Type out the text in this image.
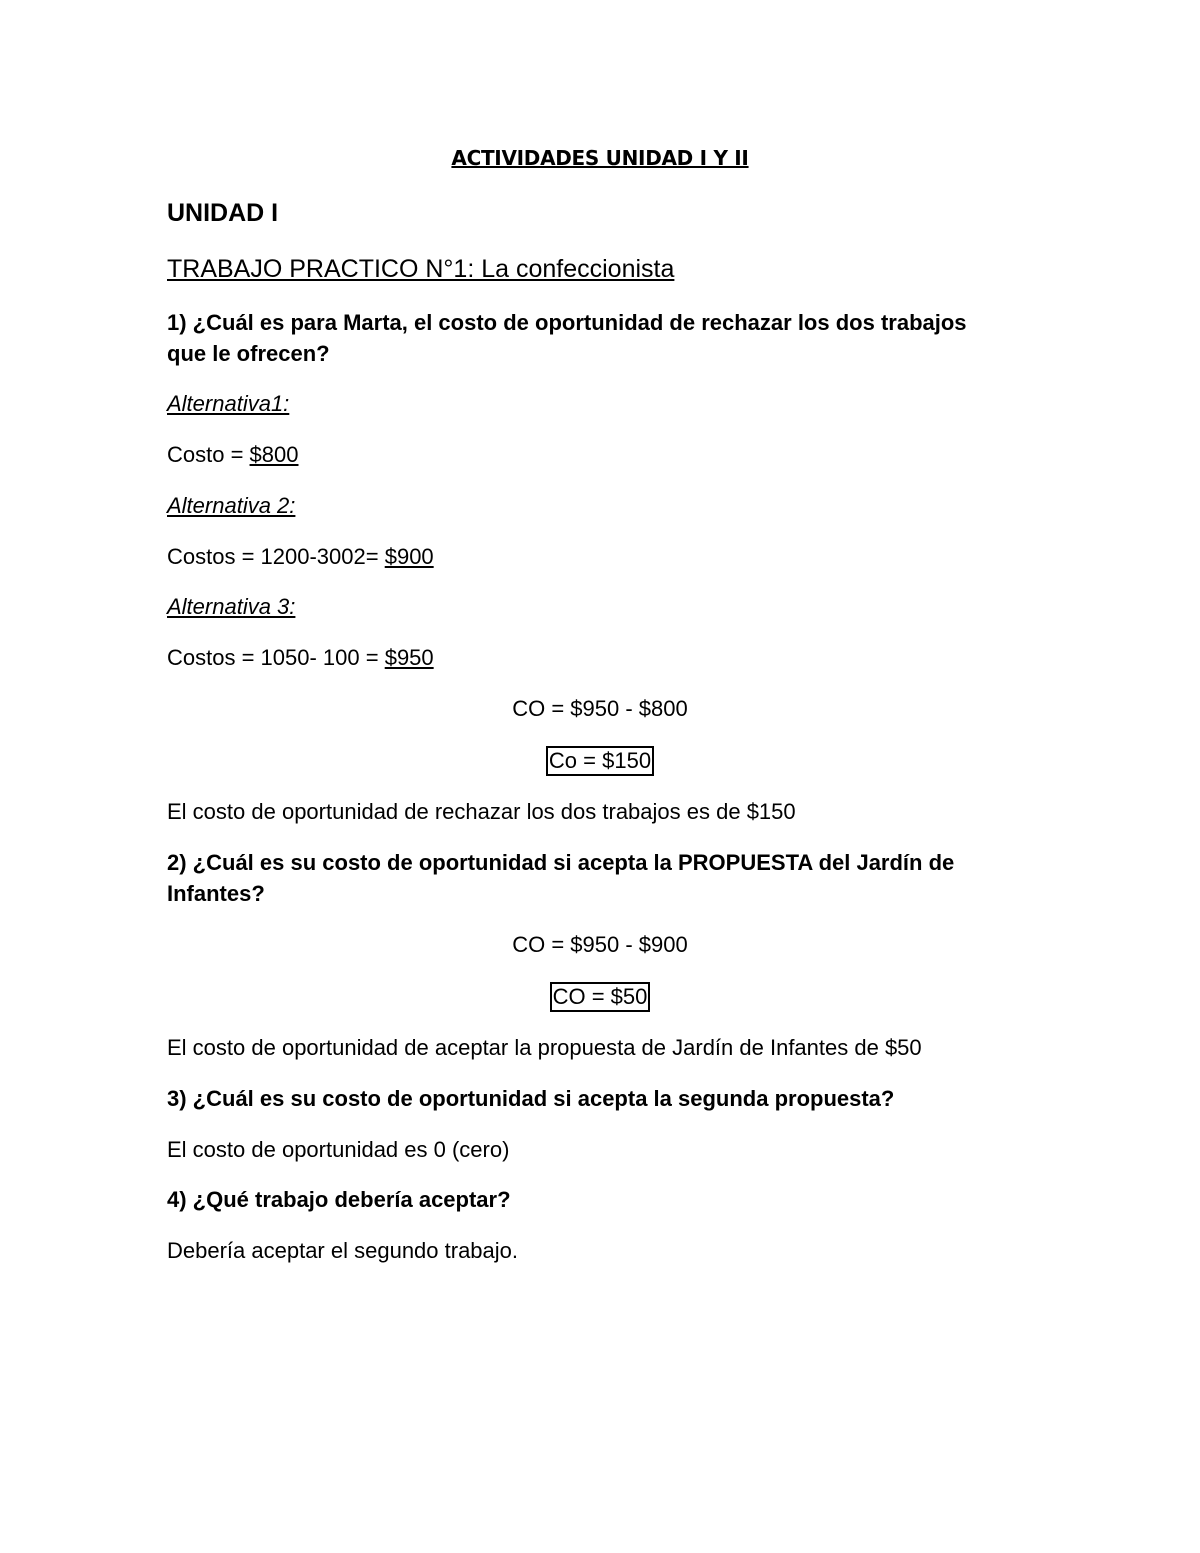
ACTIVIDADES UNIDAD I Y II
UNIDAD I
TRABAJO PRACTICO N°1: La confeccionista
1) ¿Cuál es para Marta, el costo de oportunidad de rechazar los dos trabajos
que le ofrecen?
Alternativa1:
Costo = $800
Alternativa 2:
Costos = 1200-3002= $900
Alternativa 3:
Costos = 1050- 100 = $950
CO = $950 - $800
Co = $150
El costo de oportunidad de rechazar los dos trabajos es de $150
2) ¿Cuál es su costo de oportunidad si acepta la PROPUESTA del Jardín de
Infantes?
CO = $950 - $900
CO = $50
El costo de oportunidad de aceptar la propuesta de Jardín de Infantes de $50
3) ¿Cuál es su costo de oportunidad si acepta la segunda propuesta?
El costo de oportunidad es 0 (cero)
4) ¿Qué trabajo debería aceptar?
Debería aceptar el segundo trabajo.
